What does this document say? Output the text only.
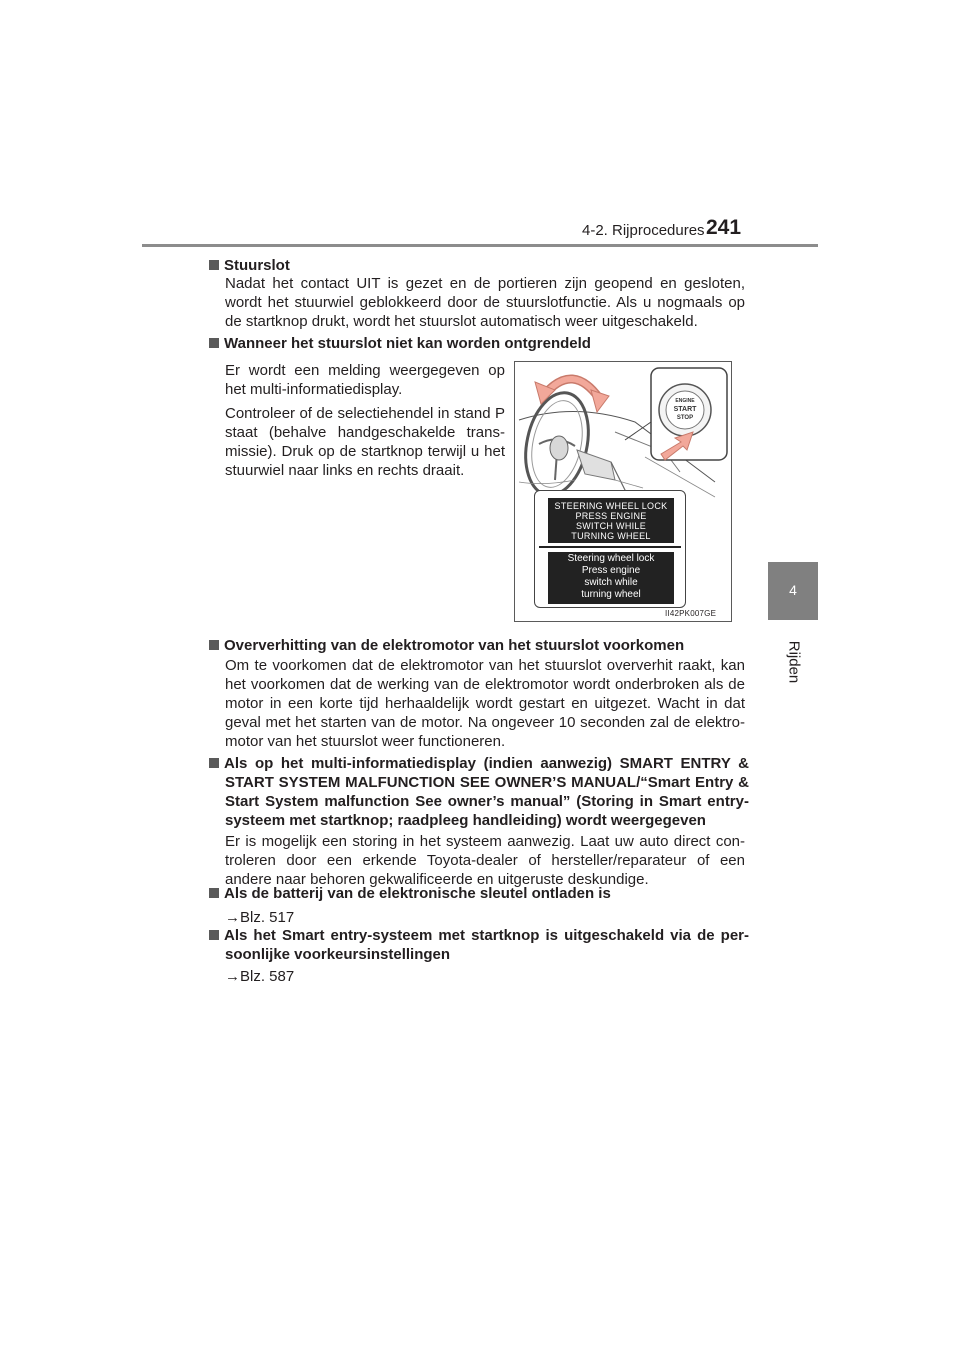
4-2. Rijprocedures 241
4
Rijden
Stuurslot
Nadat het contact UIT is gezet en de portieren zijn geopend en gesloten, wordt het stuurwiel geblokkeerd door de stuurslotfunctie. Als u nogmaals op de startknop drukt, wordt het stuurslot automatisch weer uitgeschakeld.
Wanneer het stuurslot niet kan worden ontgrendeld
Er wordt een melding weergegeven op het multi-informatiedisplay.
Controleer of de selectiehendel in stand P staat (behalve handgeschakelde trans-missie). Druk op de startknop terwijl u het stuurwiel naar links en rechts draait.
ENGINE
START
STOP
STEERING WHEEL LOCK
PRESS ENGINE
SWITCH WHILE
TURNING WHEEL
Steering wheel lock
Press engine
switch while
turning wheel
II42PK007GE
Oververhitting van de elektromotor van het stuurslot voorkomen
Om te voorkomen dat de elektromotor van het stuurslot oververhit raakt, kan het voorkomen dat de werking van de elektromotor wordt onderbroken als de motor in een korte tijd herhaaldelijk wordt gestart en uitgezet. Wacht in dat geval met het starten van de motor. Na ongeveer 10 seconden zal de elektro-motor van het stuurslot weer functioneren.
Als op het multi-informatiedisplay (indien aanwezig) SMART ENTRY & START SYSTEM MALFUNCTION SEE OWNER’S MANUAL/“Smart Entry & Start System malfunction See owner’s manual” (Storing in Smart entry-systeem met startknop; raadpleeg handleiding) wordt weergegeven
Er is mogelijk een storing in het systeem aanwezig. Laat uw auto direct con-troleren door een erkende Toyota-dealer of hersteller/reparateur of een andere naar behoren gekwalificeerde en uitgeruste deskundige.
Als de batterij van de elektronische sleutel ontladen is
→Blz. 517
Als het Smart entry-systeem met startknop is uitgeschakeld via de per-soonlijke voorkeursinstellingen
→Blz. 587
